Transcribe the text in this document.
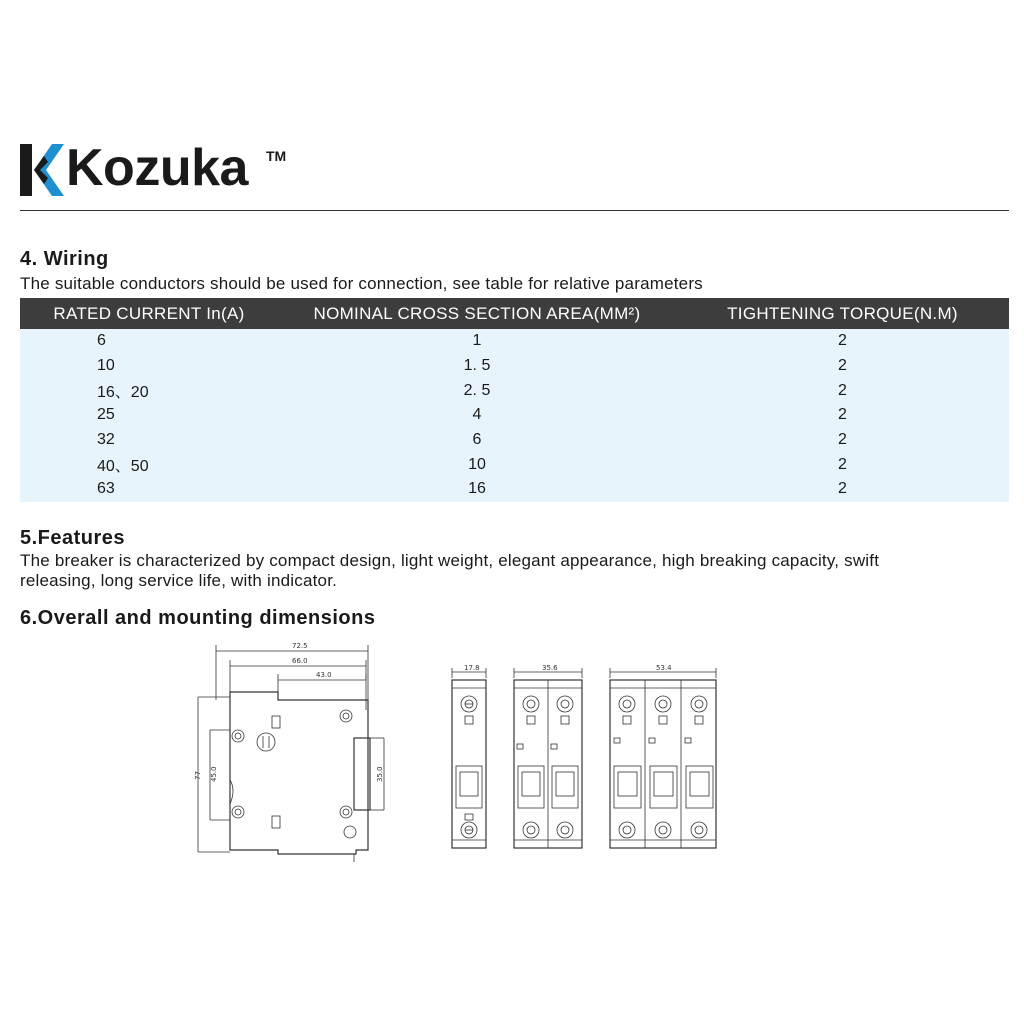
Kozuka TM
4. Wiring
The suitable conductors should be used for connection, see table for relative parameters
RATED CURRENT In(A)	NOMINAL CROSS SECTION AREA(MM²)	TIGHTENING TORQUE(N.M)
6	1	2
10	1. 5	2
16、20	2. 5	2
25	4	2
32	6	2
40、50	10	2
63	16	2
5.Features
The breaker is characterized by compact design, light weight, elegant appearance, high breaking capacity, swift
releasing, long service life, with indicator.
6.Overall and mounting dimensions
72.5
66.0
43.0
77 45.0	35.0
17.8	35.6	53.4
